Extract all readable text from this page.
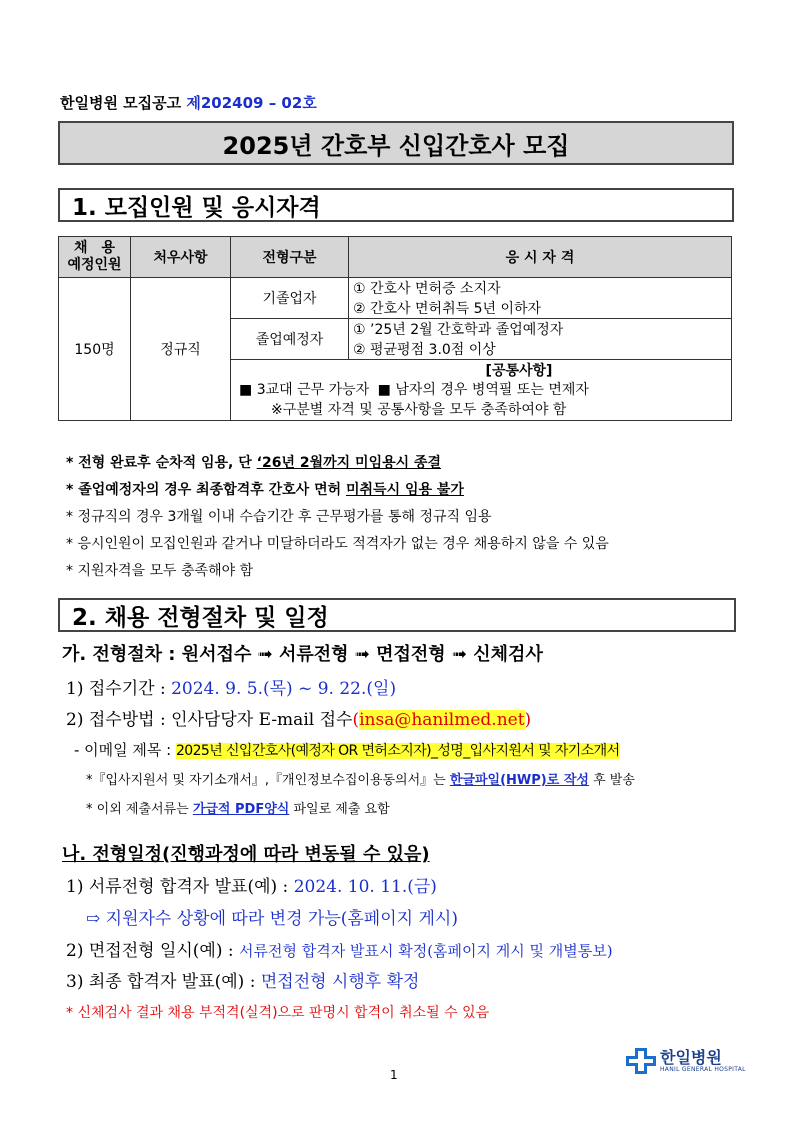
한일병원 모집공고 제202409 – 02호
2025년 간호부 신입간호사 모집
1. 모집인원 및 응시자격
채　용
예정인원	처우사항	전형구분	응 시 자 격
150명	정규직	기졸업자	① 간호사 면허증 소지자
			② 간호사 면허취득 5년 이하자
		졸업예정자	① ’25년 2월 간호학과 졸업예정자
			② 평균평점 3.0점 이상
		[공통사항]	
		■ 3교대 근무 가능자 ■ 남자의 경우 병역필 또는 면제자
※구분별 자격 및 공통사항을 모두 충족하여야 함	
* 전형 완료후 순차적 임용, 단 ‘26년 2월까지 미임용시 종결
* 졸업예정자의 경우 최종합격후 간호사 면허 미취득시 임용 불가
* 정규직의 경우 3개월 이내 수습기간 후 근무평가를 통해 정규직 임용
* 응시인원이 모집인원과 같거나 미달하더라도 적격자가 없는 경우 채용하지 않을 수 있음
* 지원자격을 모두 충족해야 함
2. 채용 전형절차 및 일정
가. 전형절차 : 원서접수 ➟ 서류전형 ➟ 면접전형 ➟ 신체검사
1) 접수기간 : 2024. 9. 5.(목) ~ 9. 22.(일)
2) 접수방법 : 인사담당자 E-mail 접수(insa@hanilmed.net)
- 이메일 제목 : 2025년 신입간호사(예정자 OR 면허소지자)_성명_입사지원서 및 자기소개서
*『입사지원서 및 자기소개서』,『개인정보수집이용동의서』는 한글파일(HWP)로 작성 후 발송
* 이외 제출서류는 가급적 PDF양식 파일로 제출 요함
나. 전형일정(진행과정에 따라 변동될 수 있음)
1) 서류전형 합격자 발표(예) : 2024. 10. 11.(금)
⇨ 지원자수 상황에 따라 변경 가능(홈페이지 게시)
2) 면접전형 일시(예) : 서류전형 합격자 발표시 확정(홈페이지 게시 및 개별통보)
3) 최종 합격자 발표(예) : 면접전형 시행후 확정
* 신체검사 결과 채용 부적격(실격)으로 판명시 합격이 취소될 수 있음
한일병원
HANIL GENERAL HOSPITAL
1
